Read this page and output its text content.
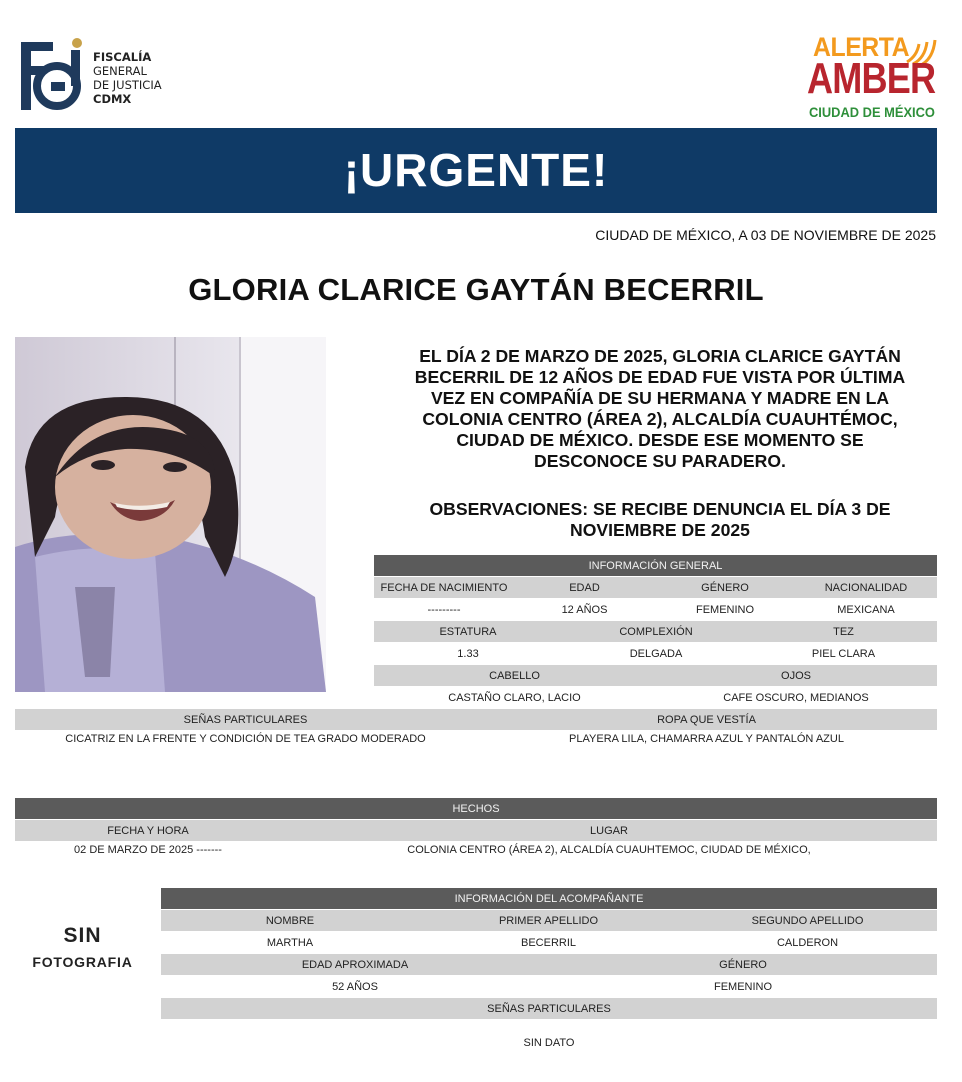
FISCALÍA
GENERAL
DE JUSTICIA
CDMX
ALERTA
AMBER
CIUDAD DE MÉXICO
¡URGENTE!
CIUDAD DE MÉXICO, A 03 DE NOVIEMBRE DE 2025
GLORIA CLARICE GAYTÁN BECERRIL
EL DÍA 2 DE MARZO DE 2025, GLORIA CLARICE GAYTÁN
BECERRIL DE 12 AÑOS DE EDAD FUE VISTA POR ÚLTIMA
VEZ EN COMPAÑÍA DE SU HERMANA Y MADRE EN LA
COLONIA CENTRO (ÁREA 2), ALCALDÍA CUAUHTÉMOC,
CIUDAD DE MÉXICO. DESDE ESE MOMENTO SE
DESCONOCE SU PARADERO.
OBSERVACIONES: SE RECIBE DENUNCIA EL DÍA 3 DE
NOVIEMBRE DE 2025
INFORMACIÓN GENERAL
FECHA DE NACIMIENTO	EDAD	GÉNERO	NACIONALIDAD
---------	12 AÑOS	FEMENINO	MEXICANA
ESTATURA	COMPLEXIÓN	TEZ
1.33	DELGADA	PIEL CLARA
CABELLO	OJOS
CASTAÑO CLARO, LACIO	CAFE OSCURO, MEDIANOS
SEÑAS PARTICULARES	ROPA QUE VESTÍA
CICATRIZ EN LA FRENTE Y CONDICIÓN DE TEA GRADO MODERADO	PLAYERA LILA, CHAMARRA AZUL Y PANTALÓN AZUL
HECHOS
FECHA Y HORA	LUGAR
02 DE MARZO DE 2025 -------	COLONIA CENTRO (ÁREA 2), ALCALDÍA CUAUHTEMOC, CIUDAD DE MÉXICO,
SIN
FOTOGRAFIA
INFORMACIÓN DEL ACOMPAÑANTE
NOMBRE	PRIMER APELLIDO	SEGUNDO APELLIDO
MARTHA	BECERRIL	CALDERON
EDAD APROXIMADA	GÉNERO
52 AÑOS	FEMENINO
SEÑAS PARTICULARES
SIN DATO
